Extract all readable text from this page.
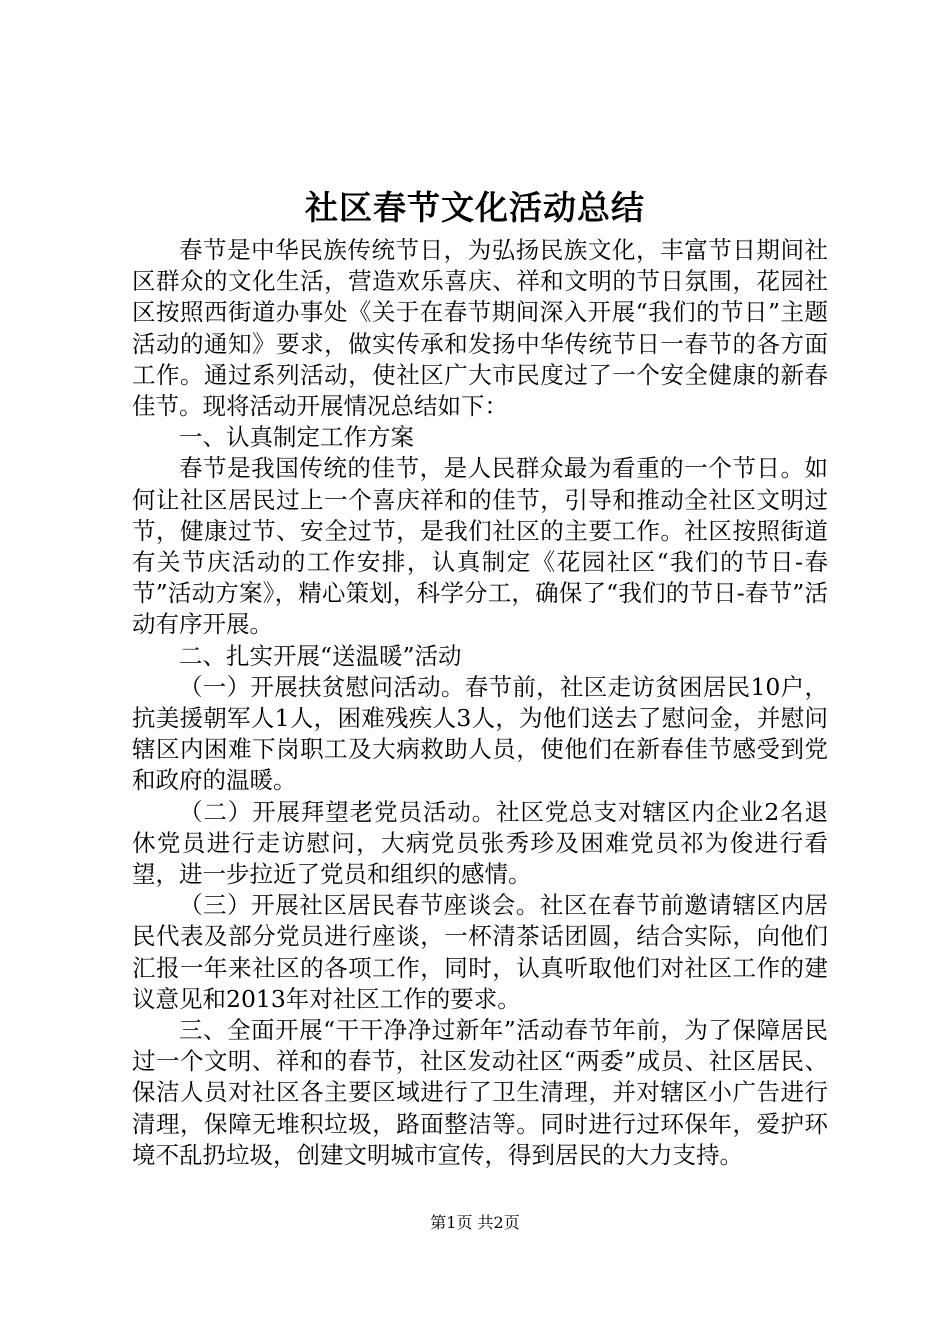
社区春节文化活动总结

春节是中华民族传统节日，为弘扬民族文化，丰富节日期间社区群众的文化生活，营造欢乐喜庆、祥和文明的节日氛围，花园社区按照西街道办事处《关于在春节期间深入开展“我们的节日”主题活动的通知》要求，做实传承和发扬中华传统节日一春节的各方面工作。通过系列活动，使社区广大市民度过了一个安全健康的新春佳节。现将活动开展情况总结如下：

一、认真制定工作方案

春节是我国传统的佳节，是人民群众最为看重的一个节日。如何让社区居民过上一个喜庆祥和的佳节，引导和推动全社区文明过节，健康过节、安全过节，是我们社区的主要工作。社区按照街道有关节庆活动的工作安排，认真制定《花园社区“我们的节日-春节”活动方案》，精心策划，科学分工，确保了“我们的节日-春节”活动有序开展。

二、扎实开展“送温暖”活动

（一）开展扶贫慰问活动。春节前，社区走访贫困居民10户，抗美援朝军人1人，困难残疾人3人，为他们送去了慰问金，并慰问辖区内困难下岗职工及大病救助人员，使他们在新春佳节感受到党和政府的温暖。

（二）开展拜望老党员活动。社区党总支对辖区内企业2名退休党员进行走访慰问，大病党员张秀珍及困难党员祁为俊进行看望，进一步拉近了党员和组织的感情。

（三）开展社区居民春节座谈会。社区在春节前邀请辖区内居民代表及部分党员进行座谈，一杯清茶话团圆，结合实际，向他们汇报一年来社区的各项工作，同时，认真听取他们对社区工作的建议意见和2013年对社区工作的要求。

三、全面开展“干干净净过新年”活动春节年前，为了保障居民过一个文明、祥和的春节，社区发动社区“两委”成员、社区居民、保洁人员对社区各主要区域进行了卫生清理，并对辖区小广告进行清理，保障无堆积垃圾，路面整洁等。同时进行过环保年，爱护环境不乱扔垃圾，创建文明城市宣传，得到居民的大力支持。

第1页 共2页
